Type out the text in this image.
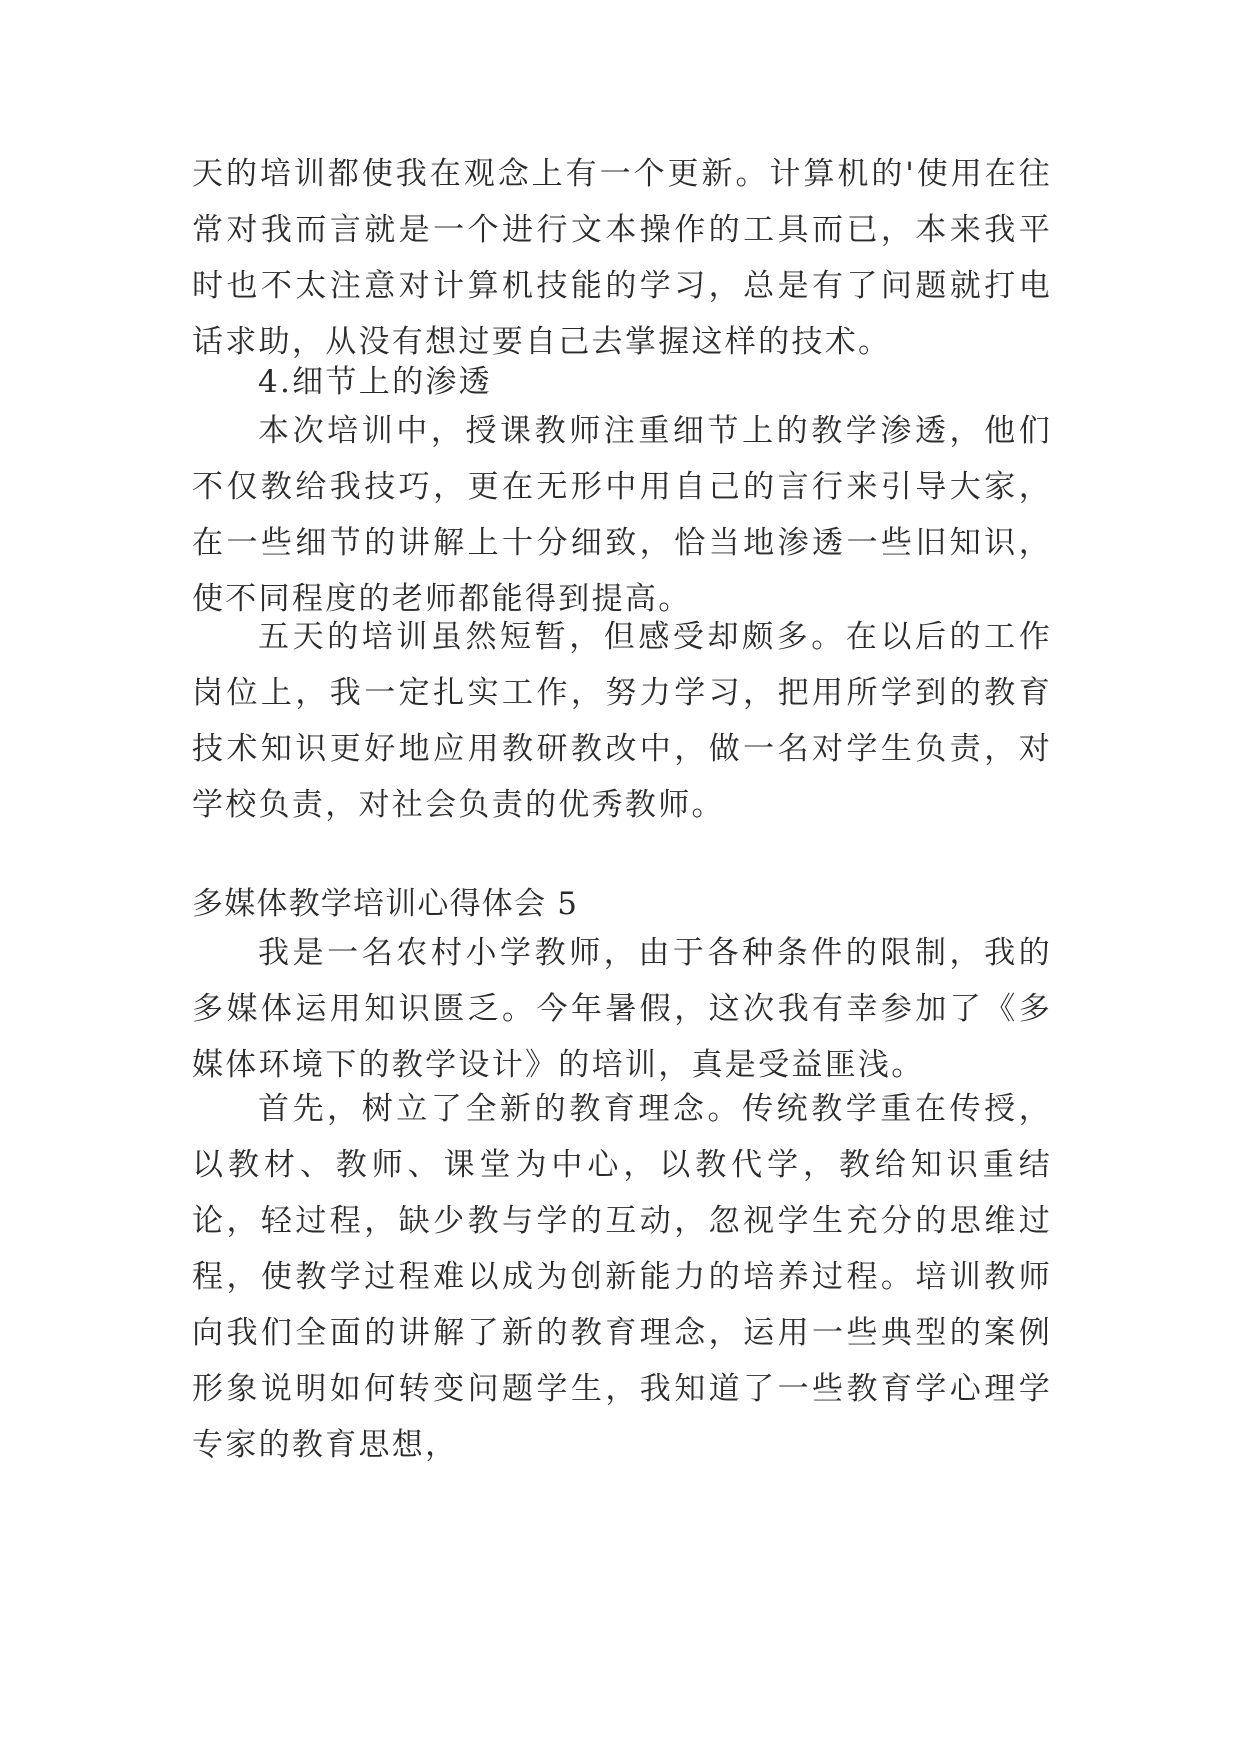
天的培训都使我在观念上有一个更新。计算机的'使用在往常对我而言就是一个进行文本操作的工具而已，本来我平时也不太注意对计算机技能的学习，总是有了问题就打电话求助，从没有想过要自己去掌握这样的技术。

4.细节上的渗透

本次培训中，授课教师注重细节上的教学渗透，他们不仅教给我技巧，更在无形中用自己的言行来引导大家，在一些细节的讲解上十分细致，恰当地渗透一些旧知识，使不同程度的老师都能得到提高。

五天的培训虽然短暂，但感受却颇多。在以后的工作岗位上，我一定扎实工作，努力学习，把用所学到的教育技术知识更好地应用教研教改中，做一名对学生负责，对学校负责，对社会负责的优秀教师。

多媒体教学培训心得体会 5

我是一名农村小学教师，由于各种条件的限制，我的多媒体运用知识匮乏。今年暑假，这次我有幸参加了《多媒体环境下的教学设计》的培训，真是受益匪浅。

首先，树立了全新的教育理念。传统教学重在传授，以教材、教师、课堂为中心，以教代学，教给知识重结论，轻过程，缺少教与学的互动，忽视学生充分的思维过程，使教学过程难以成为创新能力的培养过程。培训教师向我们全面的讲解了新的教育理念，运用一些典型的案例形象说明如何转变问题学生，我知道了一些教育学心理学专家的教育思想，
